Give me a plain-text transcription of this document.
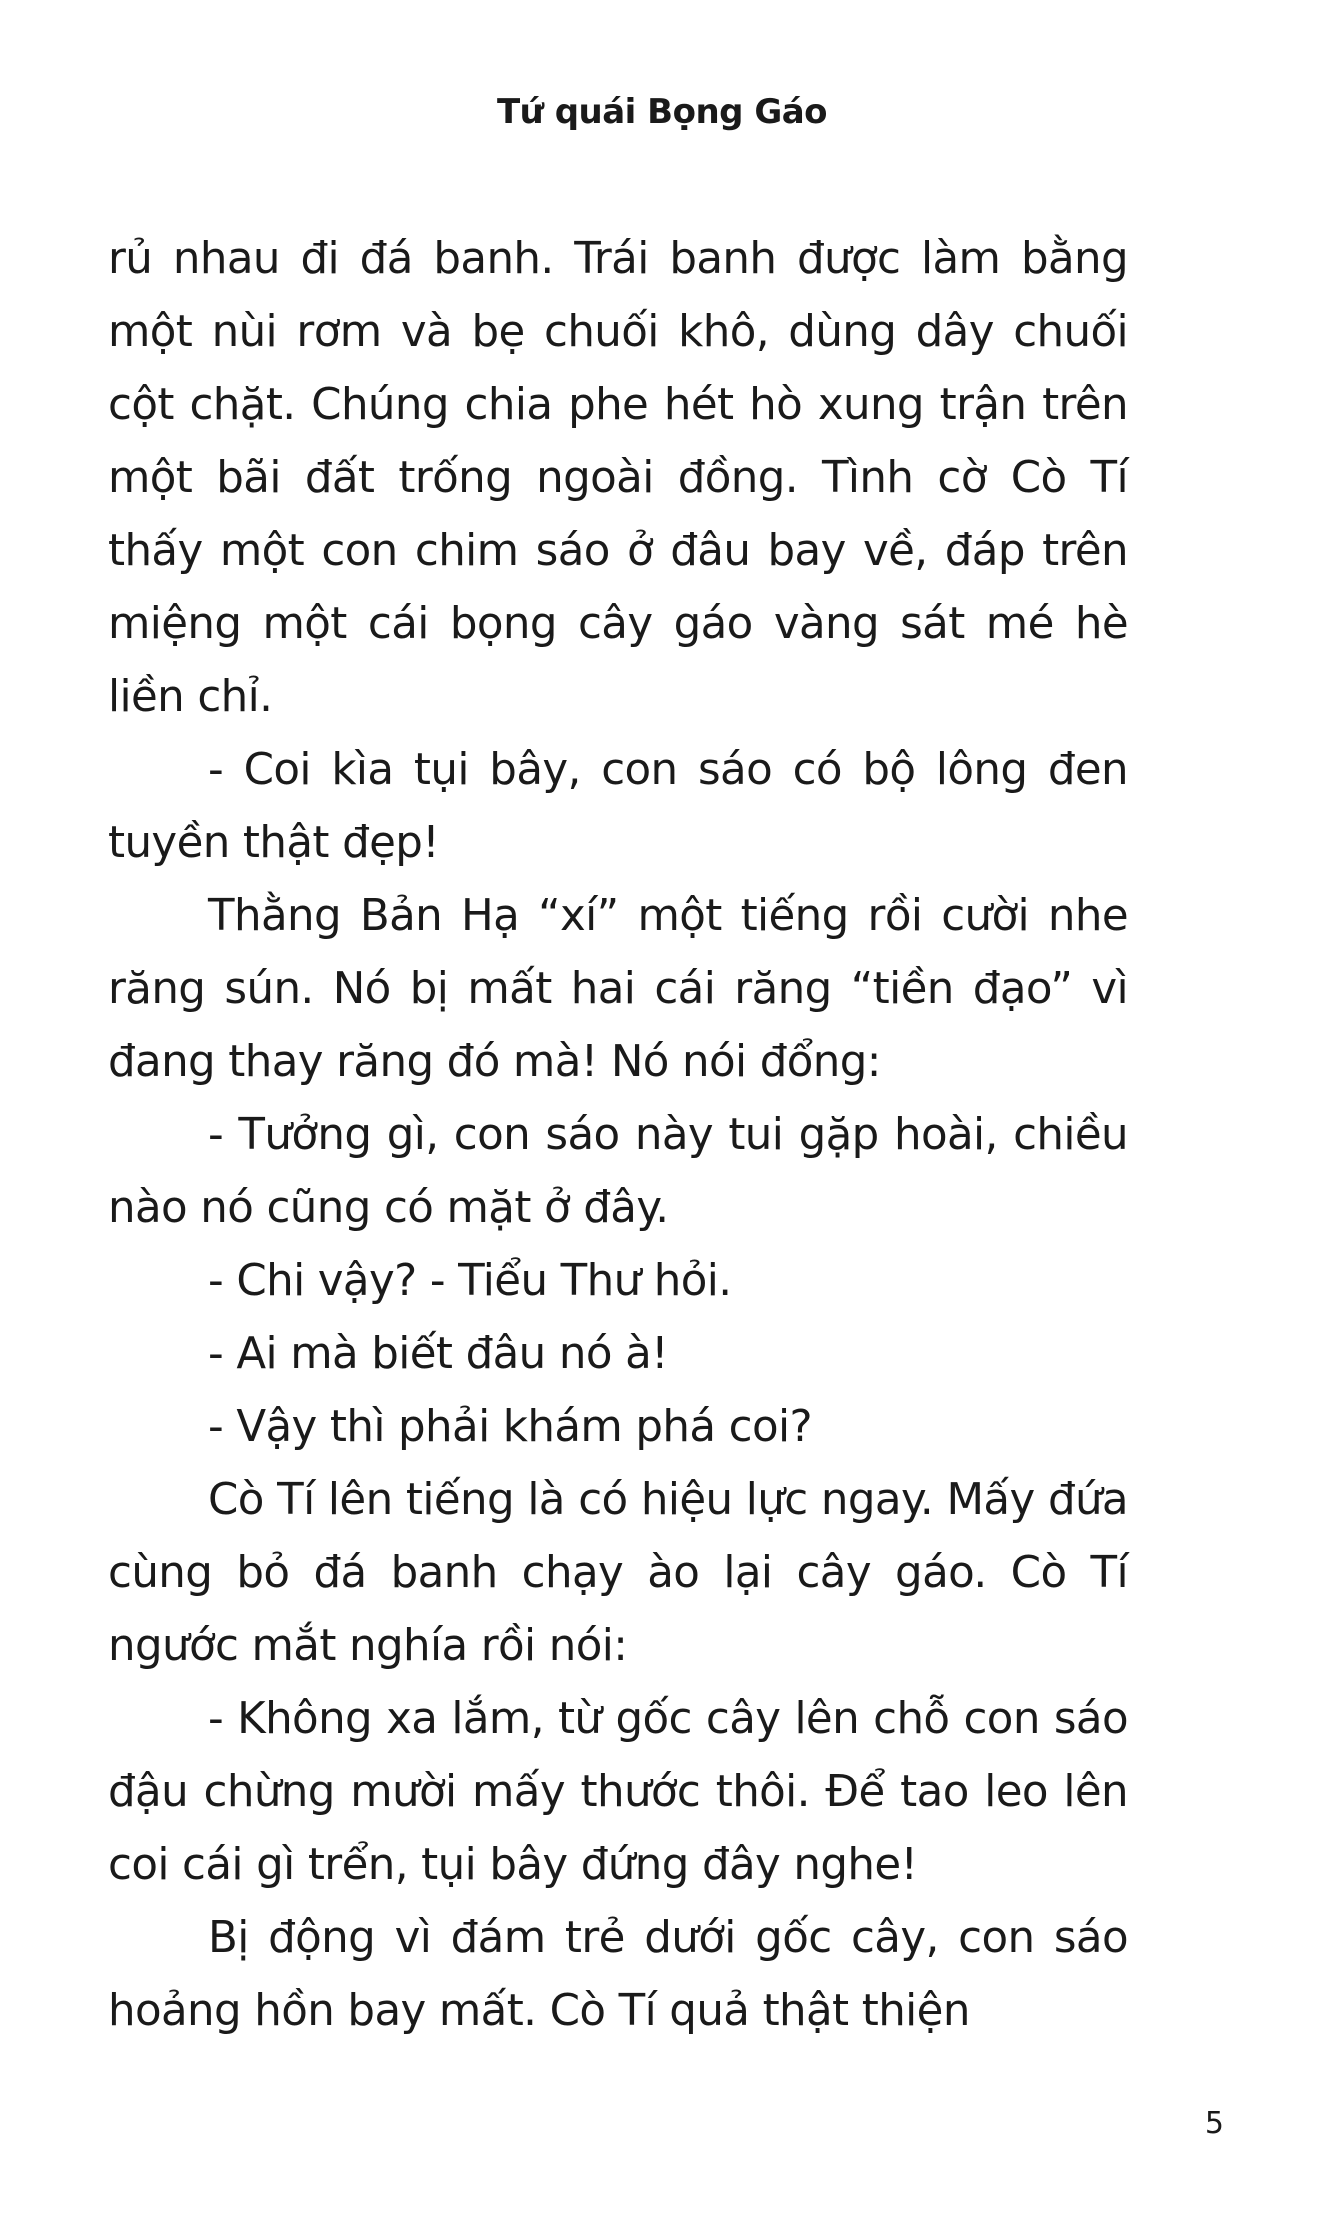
Tứ quái Bọng Gáo

rủ nhau đi đá banh. Trái banh được làm bằng một nùi rơm và bẹ chuối khô, dùng dây chuối cột chặt. Chúng chia phe hét hò xung trận trên một bãi đất trống ngoài đồng. Tình cờ Cò Tí thấy một con chim sáo ở đâu bay về, đáp trên miệng một cái bọng cây gáo vàng sát mé hè liền chỉ.

- Coi kìa tụi bây, con sáo có bộ lông đen tuyền thật đẹp!

Thằng Bản Hạ “xí” một tiếng rồi cười nhe răng sún. Nó bị mất hai cái răng “tiền đạo” vì đang thay răng đó mà! Nó nói đổng:

- Tưởng gì, con sáo này tui gặp hoài, chiều nào nó cũng có mặt ở đây.

- Chi vậy? - Tiểu Thư hỏi.

- Ai mà biết đâu nó à!

- Vậy thì phải khám phá coi?

Cò Tí lên tiếng là có hiệu lực ngay. Mấy đứa cùng bỏ đá banh chạy ào lại cây gáo. Cò Tí ngước mắt nghía rồi nói:

- Không xa lắm, từ gốc cây lên chỗ con sáo đậu chừng mười mấy thước thôi. Để tao leo lên coi cái gì trển, tụi bây đứng đây nghe!

Bị động vì đám trẻ dưới gốc cây, con sáo hoảng hồn bay mất. Cò Tí quả thật thiện

5
